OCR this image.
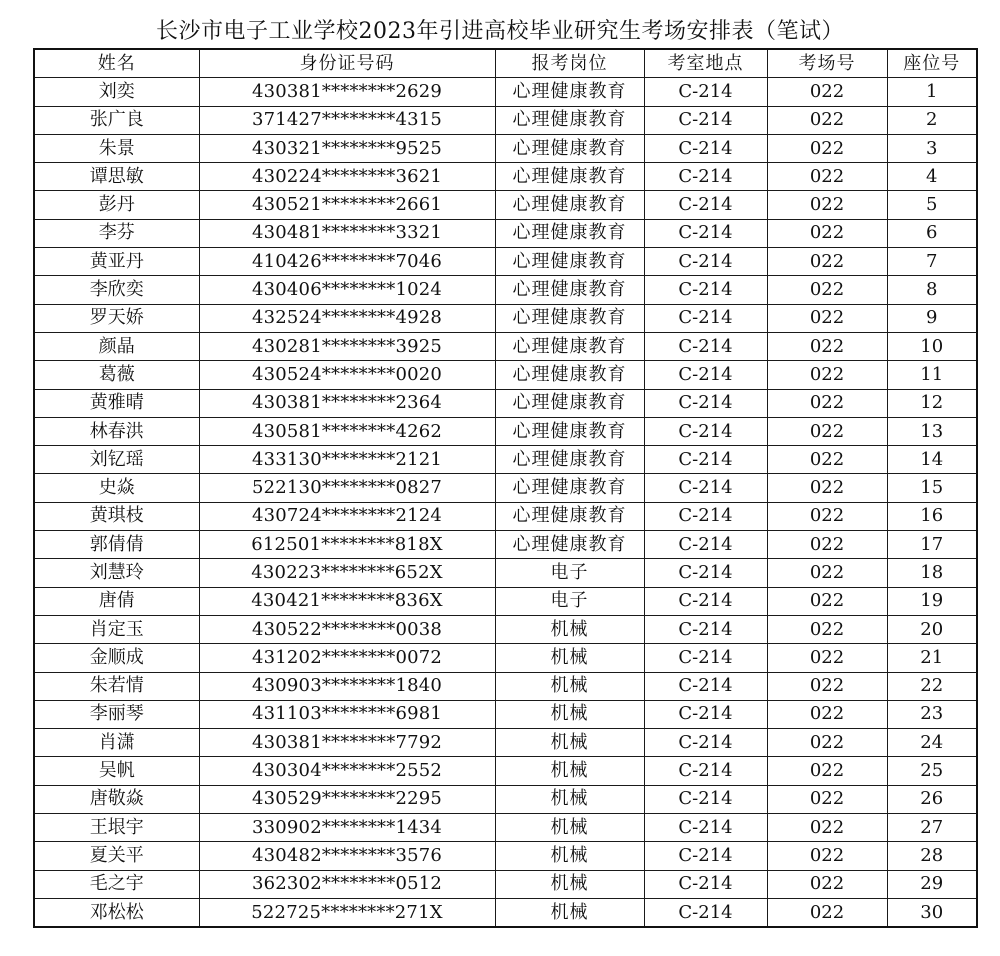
长沙市电子工业学校2023年引进高校毕业研究生考场安排表（笔试）
姓名	身份证号码	报考岗位	考室地点	考场号	座位号
刘奕	430381********2629	心理健康教育	C-214	022	1
张广良	371427********4315	心理健康教育	C-214	022	2
朱景	430321********9525	心理健康教育	C-214	022	3
谭思敏	430224********3621	心理健康教育	C-214	022	4
彭丹	430521********2661	心理健康教育	C-214	022	5
李芬	430481********3321	心理健康教育	C-214	022	6
黄亚丹	410426********7046	心理健康教育	C-214	022	7
李欣奕	430406********1024	心理健康教育	C-214	022	8
罗天娇	432524********4928	心理健康教育	C-214	022	9
颜晶	430281********3925	心理健康教育	C-214	022	10
葛薇	430524********0020	心理健康教育	C-214	022	11
黄雅晴	430381********2364	心理健康教育	C-214	022	12
林春洪	430581********4262	心理健康教育	C-214	022	13
刘钇瑶	433130********2121	心理健康教育	C-214	022	14
史焱	522130********0827	心理健康教育	C-214	022	15
黄琪枝	430724********2124	心理健康教育	C-214	022	16
郭倩倩	612501********818X	心理健康教育	C-214	022	17
刘慧玲	430223********652X	电子	C-214	022	18
唐倩	430421********836X	电子	C-214	022	19
肖定玉	430522********0038	机械	C-214	022	20
金顺成	431202********0072	机械	C-214	022	21
朱若情	430903********1840	机械	C-214	022	22
李丽琴	431103********6981	机械	C-214	022	23
肖潇	430381********7792	机械	C-214	022	24
吴帆	430304********2552	机械	C-214	022	25
唐敬焱	430529********2295	机械	C-214	022	26
王垠宇	330902********1434	机械	C-214	022	27
夏关平	430482********3576	机械	C-214	022	28
毛之宇	362302********0512	机械	C-214	022	29
邓松松	522725********271X	机械	C-214	022	30
